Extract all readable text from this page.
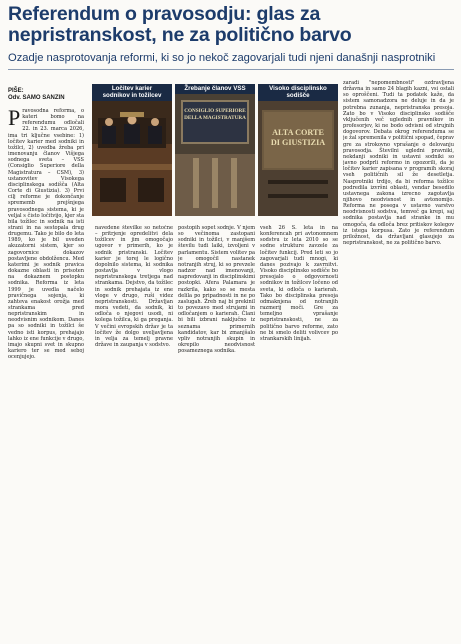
Referendum o pravosodju: glas za
nepristranskost, ne za politično barvo
Ozadje nasprotovanja reformi, ki so jo nekoč zagovarjali tudi njeni današnji nasprotniki
PIŠE:
Odv. SAMO SANZIN
P ravosodna reforma, o kateri bomo na referendumu odločali 22. in 23. marca 2026, ima tri ključne vsebine: 1) ločitev karier med sodniki in tožilci, 2) uvedba žreba pri imenovanju članov Višjega sodnega sveta – VSS (Consiglio Superiore della Magistratura – CSM), 3) ustanovitev Visokega disciplinskega sodišča (Alta Corte di Giustizia). 3) Prvi cilj reforme je dokončanje sprememb prejšnjega pravosodnega sistema, ki je veljal s čisto ločitvijo, kjer sta bila tožilec in sodnik na isti strani in na sestopala drug drugemu. Tako je bilo do leta 1989, ko je bil uveden akuzatorni sistem, kjer so zagovornice dokazov postavljene obdolžencu. Med katerimi je sodnik pravica dokazne oblasti in prisoten na dokaznem postopku sodnika. Reforma iz leta 1999 je uvedla načelo pravičnega sojenja, ki zahteva enakost orožja med strankama pred nepristranskim in neodvisnim sodnikom. Danes pa so sodniki in tožilci še vedno isti korpus, prehajajo lahko iz ene funkcije v drugo, imajo skupni svet in skupno kariero ter se med seboj ocenjujejo.
Ločitev karier
sodnikov in tožilcev
Žrebanje članov VSS
CONSIGLIO SUPERIORE
DELLA MAGISTRATURA
Visoko disciplinsko sodišče
ALTA CORTE
DI GIUSTIZIA
navedene številke so netočne – pritrjenje opredelitvi dela tožilcev in jim omogočajo ugovor v primerih, ko je sodnik pristranski. Ločitev karier je torej le logično dopolnilo sistema, ki sodnika postavlja v vlogo nepristranskega tretjega nad strankama. Dejstvo, da tožilec in sodnik prehajata iz ene vloge v drugo, ruši videz nepristranskosti. Državljan mora vedeti, da sodnik, ki odloča o njegovi usodi, ni kolega tožilca, ki ga preganja. V večini evropskih držav je ta ločitev že dolgo uveljavljena in velja za temelj pravne države in zaupanja v sodstvo.
postopih sopet sodnje. V njem so večinoma zastopani sodniki in tožilci, v manjšem številu tudi laiki, izvoljeni v parlamentu. Sistem volitev pa je omogočil nastanek notranjih struj, ki so prevzele nadzor nad imenovanji, napredovanji in disciplinskimi postopki. Afera Palamara je razkrila, kako so se mesta delila po pripadnosti in ne po zaslugah. Žreb naj bi prekinil to povezavo med strujami in odločanjem o karierah. Člani bi bili izbrani naključno iz seznama primernih kandidatov, kar bi zmanjšalo vpliv notranjih skupin in okrepilo neodvisnost posameznega sodnika.
vseh 26 S. leta in na konferencah pri avtonomnem sodstvu iz leta 2010 so se sodne strukture zavzele za ločitev funkcij. Pred leti so jo zagovarjali tudi mnogi, ki danes pozivajo k zavrnitvi. Visoko disciplinsko sodišče bo presojalo o odgovornosti sodnikov in tožilcev ločeno od sveta, ki odloča o karierah. Tako bo disciplinska presoja odmaknjena od notranjih razmerij moči. Gre za temeljno vprašanje nepristranskosti, ne za politično barvo reforme, zato ne bi smelo deliti volivcev po strankarskih linijah.
zaradi "nepomembnosti" ozdravljena državna in samo 24 blagih kazni, vsi ostali so oproščeni. Tudi ta podatek kaže, da sistem samonadzora ne deluje in da je potrebna zunanja, nepristranska presoja. Zato bo v Visoko disciplinsko sodišče vključenih več uglednih pravnikov in profesorjev, ki ne bodo odvisni od strujnih dogovorov. Debata okrog referenduma se je žal spremenila v politični spopad, čeprav gre za strokovno vprašanje o delovanju pravosodja. Številni ugledni pravniki, nekdanji sodniki in ustavni sodniki so javno podprli reformo in opozorili, da je ločitev karier zapisana v programih skoraj vseh političnih sil že desetletja. Nasprotniki trdijo, da bi reforma tožilce podredila izvršni oblasti, vendar besedilo ustavnega zakona izrecno zagotavlja njihovo neodvisnost in avtonomijo. Reforma ne posega v ustavno varstvo neodvisnosti sodstva, temveč ga krepi, saj sodnika postavlja nad stranke in mu omogoča, da odloča brez pritiskov kolegov iz istega korpusa. Zato je referendum priložnost, da državljani glasujejo za nepristranskost, ne za politično barvo.
